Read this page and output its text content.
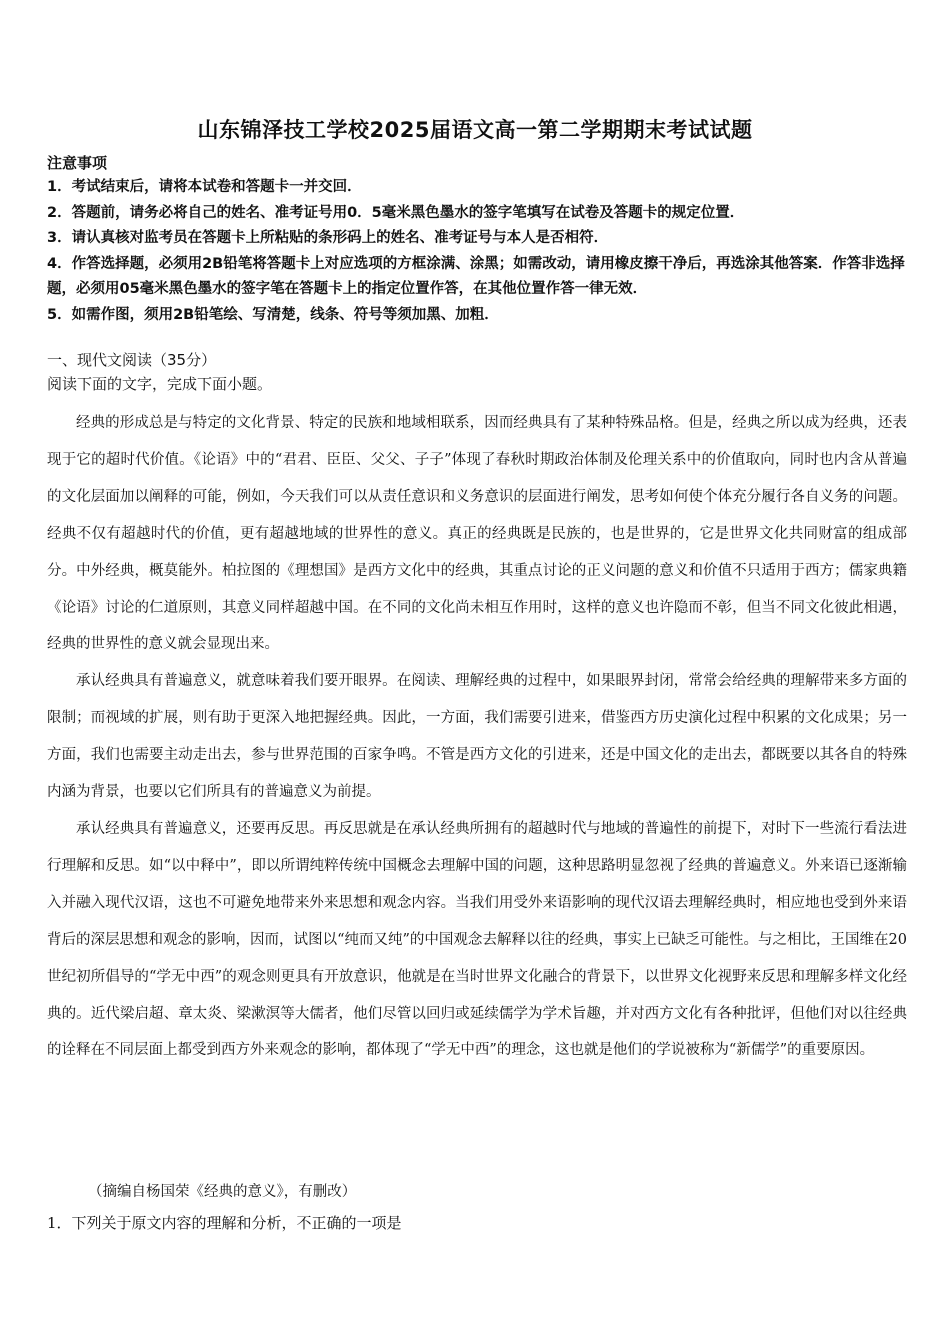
山东锦泽技工学校2025届语文高一第二学期期末考试试题
注意事项
1．考试结束后，请将本试卷和答题卡一并交回．
2．答题前，请务必将自己的姓名、准考证号用0．5毫米黑色墨水的签字笔填写在试卷及答题卡的规定位置．
3．请认真核对监考员在答题卡上所粘贴的条形码上的姓名、准考证号与本人是否相符．
4．作答选择题，必须用2B铅笔将答题卡上对应选项的方框涂满、涂黑；如需改动，请用橡皮擦干净后，再选涂其他答案．作答非选择题，必须用05毫米黑色墨水的签字笔在答题卡上的指定位置作答，在其他位置作答一律无效．
5．如需作图，须用2B铅笔绘、写清楚，线条、符号等须加黑、加粗．
一、现代文阅读（35分）
阅读下面的文字，完成下面小题。

经典的形成总是与特定的文化背景、特定的民族和地域相联系，因而经典具有了某种特殊品格。但是，经典之所以成为经典，还表现于它的超时代价值。《论语》中的“君君、臣臣、父父、子子”体现了春秋时期政治体制及伦理关系中的价值取向，同时也内含从普遍的文化层面加以阐释的可能，例如，今天我们可以从责任意识和义务意识的层面进行阐发，思考如何使个体充分履行各自义务的问题。经典不仅有超越时代的价值，更有超越地域的世界性的意义。真正的经典既是民族的，也是世界的，它是世界文化共同财富的组成部分。中外经典，概莫能外。柏拉图的《理想国》是西方文化中的经典，其重点讨论的正义问题的意义和价值不只适用于西方；儒家典籍《论语》讨论的仁道原则，其意义同样超越中国。在不同的文化尚未相互作用时，这样的意义也许隐而不彰，但当不同文化彼此相遇，经典的世界性的意义就会显现出来。

承认经典具有普遍意义，就意味着我们要开眼界。在阅读、理解经典的过程中，如果眼界封闭，常常会给经典的理解带来多方面的限制；而视域的扩展，则有助于更深入地把握经典。因此，一方面，我们需要引进来，借鉴西方历史演化过程中积累的文化成果；另一方面，我们也需要主动走出去，参与世界范围的百家争鸣。不管是西方文化的引进来，还是中国文化的走出去，都既要以其各自的特殊内涵为背景，也要以它们所具有的普遍意义为前提。

承认经典具有普遍意义，还要再反思。再反思就是在承认经典所拥有的超越时代与地域的普遍性的前提下，对时下一些流行看法进行理解和反思。如“以中释中”，即以所谓纯粹传统中国概念去理解中国的问题，这种思路明显忽视了经典的普遍意义。外来语已逐渐输入并融入现代汉语，这也不可避免地带来外来思想和观念内容。当我们用受外来语影响的现代汉语去理解经典时，相应地也受到外来语背后的深层思想和观念的影响，因而，试图以“纯而又纯”的中国观念去解释以往的经典，事实上已缺乏可能性。与之相比，王国维在20世纪初所倡导的“学无中西”的观念则更具有开放意识，他就是在当时世界文化融合的背景下，以世界文化视野来反思和理解多样文化经典的。近代梁启超、章太炎、梁漱溟等大儒者，他们尽管以回归或延续儒学为学术旨趣，并对西方文化有各种批评，但他们对以往经典的诠释在不同层面上都受到西方外来观念的影响，都体现了“学无中西”的理念，这也就是他们的学说被称为“新儒学”的重要原因。

（摘编自杨国荣《经典的意义》，有删改）
1．下列关于原文内容的理解和分析，不正确的一项是
